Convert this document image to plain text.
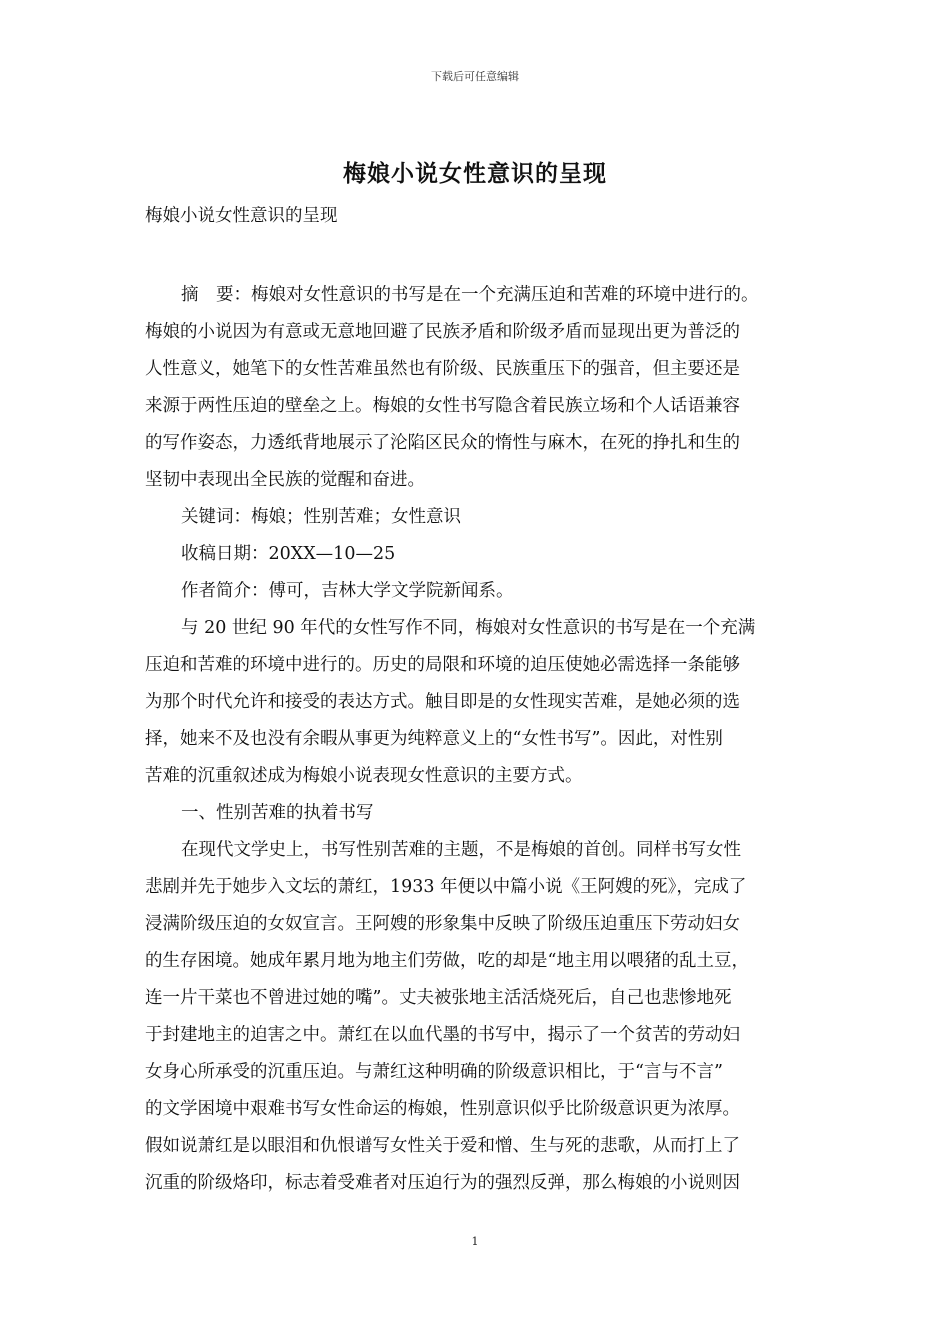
下载后可任意编辑
梅娘小说女性意识的呈现
梅娘小说女性意识的呈现
摘　要：梅娘对女性意识的书写是在一个充满压迫和苦难的环境中进行的。
梅娘的小说因为有意或无意地回避了民族矛盾和阶级矛盾而显现出更为普泛的
人性意义，她笔下的女性苦难虽然也有阶级、民族重压下的强音，但主要还是
来源于两性压迫的壁垒之上。梅娘的女性书写隐含着民族立场和个人话语兼容
的写作姿态，力透纸背地展示了沦陷区民众的惰性与麻木，在死的挣扎和生的
坚韧中表现出全民族的觉醒和奋进。
关键词：梅娘；性别苦难；女性意识
收稿日期：20XX—10—25
作者简介：傅可，吉林大学文学院新闻系。
与 20 世纪 90 年代的女性写作不同，梅娘对女性意识的书写是在一个充满
压迫和苦难的环境中进行的。历史的局限和环境的迫压使她必需选择一条能够
为那个时代允许和接受的表达方式。触目即是的女性现实苦难，是她必须的选
择，她来不及也没有余暇从事更为纯粹意义上的“女性书写”。因此，对性别
苦难的沉重叙述成为梅娘小说表现女性意识的主要方式。
一、性别苦难的执着书写
在现代文学史上，书写性别苦难的主题，不是梅娘的首创。同样书写女性
悲剧并先于她步入文坛的萧红，1933 年便以中篇小说《王阿嫂的死》，完成了
浸满阶级压迫的女奴宣言。王阿嫂的形象集中反映了阶级压迫重压下劳动妇女
的生存困境。她成年累月地为地主们劳做，吃的却是“地主用以喂猪的乱土豆，
连一片干菜也不曾进过她的嘴”。丈夫被张地主活活烧死后，自己也悲惨地死
于封建地主的迫害之中。萧红在以血代墨的书写中，揭示了一个贫苦的劳动妇
女身心所承受的沉重压迫。与萧红这种明确的阶级意识相比，于“言与不言”
的文学困境中艰难书写女性命运的梅娘，性别意识似乎比阶级意识更为浓厚。
假如说萧红是以眼泪和仇恨谱写女性关于爱和憎、生与死的悲歌，从而打上了
沉重的阶级烙印，标志着受难者对压迫行为的强烈反弹，那么梅娘的小说则因
1
